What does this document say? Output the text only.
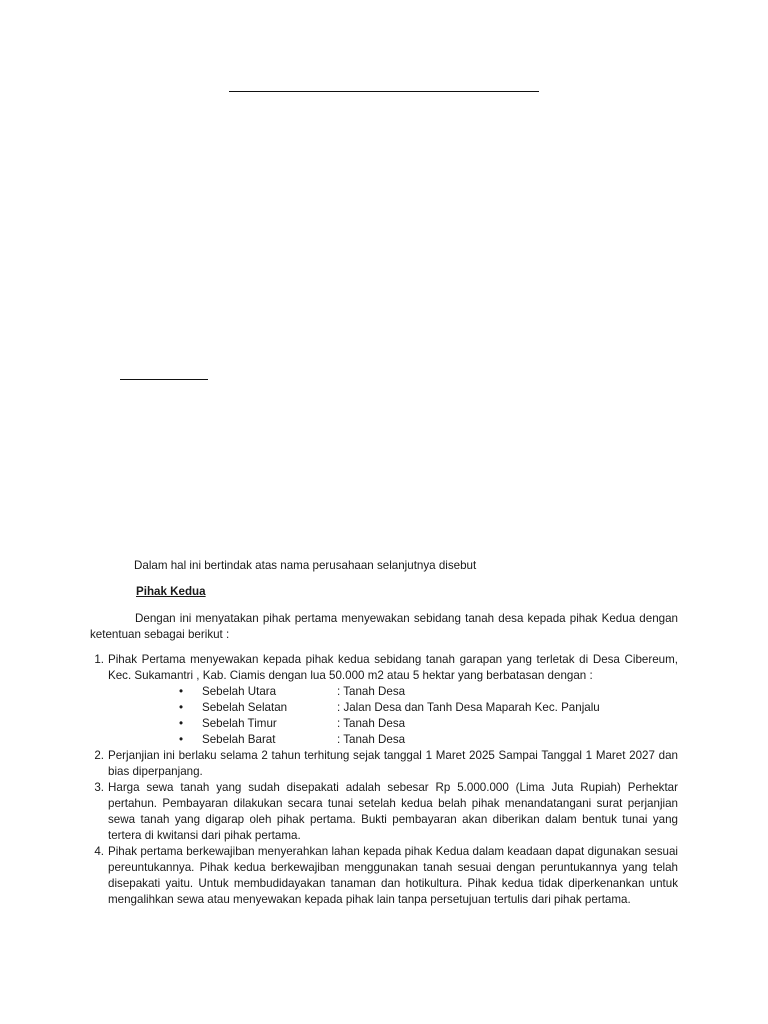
Dalam hal ini bertindak atas nama perusahaan selanjutnya disebut
Pihak Kedua
Dengan ini menyatakan pihak pertama menyewakan sebidang tanah desa kepada pihak Kedua dengan ketentuan sebagai berikut :
1. Pihak Pertama menyewakan kepada pihak kedua sebidang tanah garapan yang terletak di Desa Cibereum, Kec. Sukamantri , Kab. Ciamis dengan lua 50.000 m2 atau 5 hektar yang berbatasan dengan :
• Sebelah Utara	: Tanah Desa
• Sebelah Selatan	: Jalan Desa dan Tanh Desa Maparah Kec. Panjalu
• Sebelah Timur	: Tanah Desa
• Sebelah Barat	: Tanah Desa
2. Perjanjian ini berlaku selama 2 tahun terhitung sejak tanggal 1 Maret 2025 Sampai Tanggal 1 Maret 2027 dan bias diperpanjang.
3. Harga sewa tanah yang sudah disepakati adalah sebesar Rp 5.000.000 (Lima Juta Rupiah) Perhektar pertahun. Pembayaran dilakukan secara tunai setelah kedua belah pihak menandatangani surat perjanjian sewa tanah yang digarap oleh pihak pertama. Bukti pembayaran akan diberikan dalam bentuk tunai yang tertera di kwitansi dari pihak pertama.
4. Pihak pertama berkewajiban menyerahkan lahan kepada pihak Kedua dalam keadaan dapat digunakan sesuai pereuntukannya. Pihak kedua berkewajiban menggunakan tanah sesuai dengan peruntukannya yang telah disepakati yaitu. Untuk membudidayakan tanaman dan hotikultura. Pihak kedua tidak diperkenankan untuk mengalihkan sewa atau menyewakan kepada pihak lain tanpa persetujuan tertulis dari pihak pertama.
